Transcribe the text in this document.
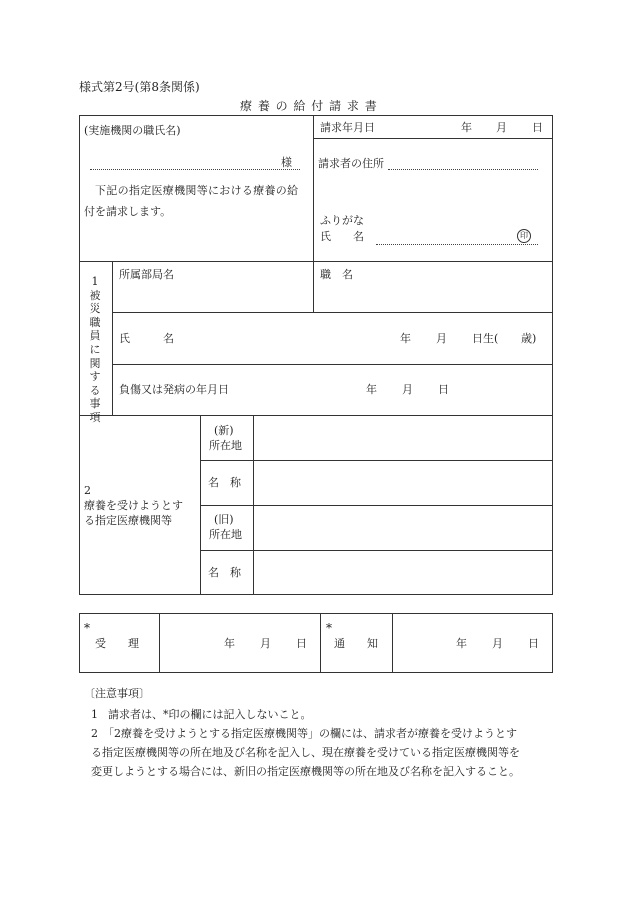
様式第2号(第8条関係)
療 養 の 給 付 請 求 書
(実施機関の職氏名)
様
下記の指定医療機関等における療養の給
付を請求します。
請求年月日	年 月 日
請求者の住所
ふりがな
氏　　名	印
1被災職員に関する事項
所属部局名	職　名
氏　　　名	年 月 日生( 歳)
負傷又は発病の年月日	年 月 日
2
療養を受けようとす
る指定医療機関等
(新)
所在地
名　称
(旧)
所在地
名　称
*
受　　理	年 月 日
*
通　　知	年 月 日
〔注意事項〕
1 請求者は、*印の欄には記入しないこと。
2 「2療養を受けようとする指定医療機関等」の欄には、請求者が療養を受けようとす
る指定医療機関等の所在地及び名称を記入し、現在療養を受けている指定医療機関等を
変更しようとする場合には、新旧の指定医療機関等の所在地及び名称を記入すること。
